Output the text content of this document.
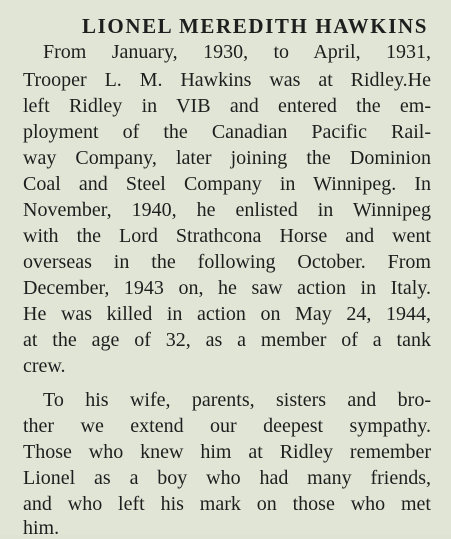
LIONEL MEREDITH HAWKINS
From January, 1930, to April, 1931,
Trooper L. M. Hawkins was at Ridley.He
left Ridley in VIB and entered the em-
ployment of the Canadian Pacific Rail-
way Company, later joining the Dominion
Coal and Steel Company in Winnipeg. In
November, 1940, he enlisted in Winnipeg
with the Lord Strathcona Horse and went
overseas in the following October. From
December, 1943 on, he saw action in Italy.
He was killed in action on May 24, 1944,
at the age of 32, as a member of a tank
crew.
To his wife, parents, sisters and bro-
ther we extend our deepest sympathy.
Those who knew him at Ridley remember
Lionel as a boy who had many friends,
and who left his mark on those who met
him.
